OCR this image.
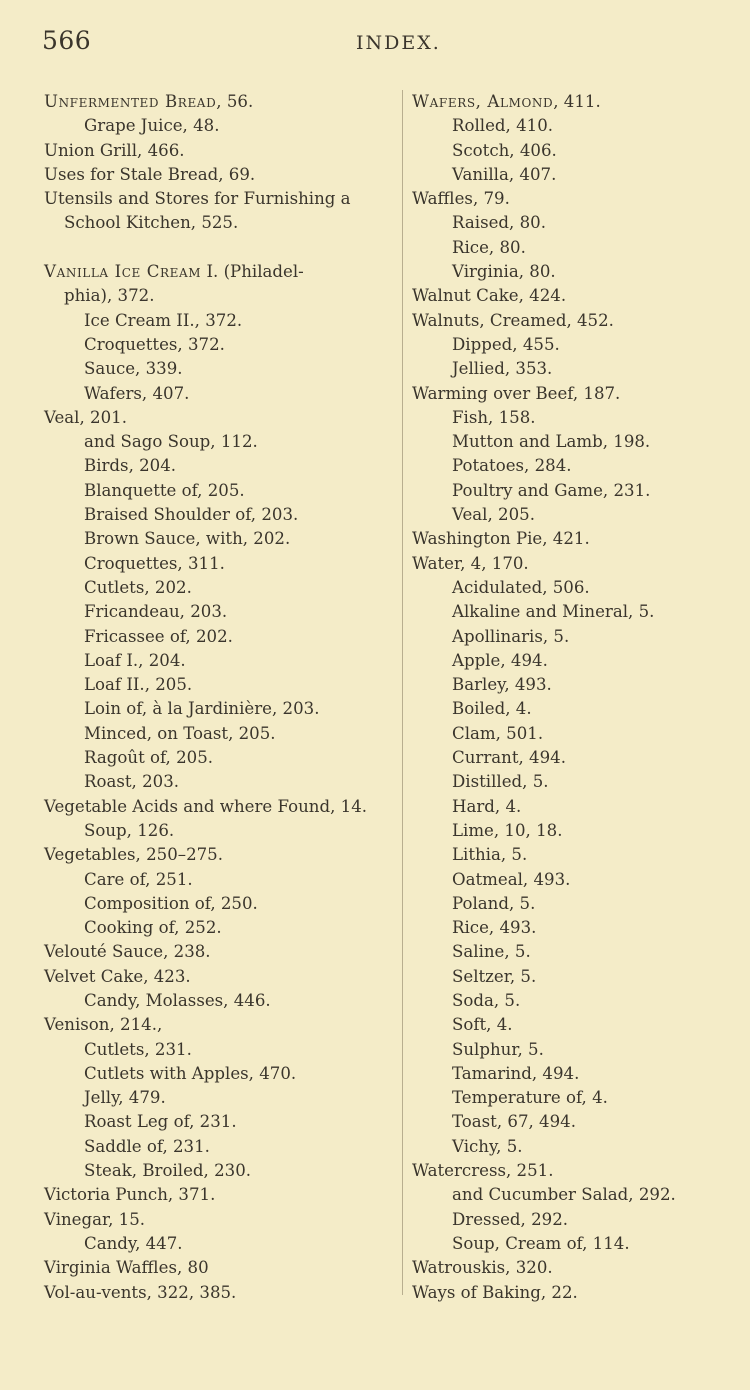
566	INDEX.
Unfermented Bread, 56.
Grape Juice, 48.
Union Grill, 466.
Uses for Stale Bread, 69.
Utensils and Stores for Furnishing a
School Kitchen, 525.
Vanilla Ice Cream I. (Philadel-
phia), 372.
Ice Cream II., 372.
Croquettes, 372.
Sauce, 339.
Wafers, 407.
Veal, 201.
and Sago Soup, 112.
Birds, 204.
Blanquette of, 205.
Braised Shoulder of, 203.
Brown Sauce, with, 202.
Croquettes, 311.
Cutlets, 202.
Fricandeau, 203.
Fricassee of, 202.
Loaf I., 204.
Loaf II., 205.
Loin of, à la Jardinière, 203.
Minced, on Toast, 205.
Ragoût of, 205.
Roast, 203.
Vegetable Acids and where Found, 14.
Soup, 126.
Vegetables, 250–275.
Care of, 251.
Composition of, 250.
Cooking of, 252.
Velouté Sauce, 238.
Velvet Cake, 423.
Candy, Molasses, 446.
Venison, 214.,
Cutlets, 231.
Cutlets with Apples, 470.
Jelly, 479.
Roast Leg of, 231.
Saddle of, 231.
Steak, Broiled, 230.
Victoria Punch, 371.
Vinegar, 15.
Candy, 447.
Virginia Waffles, 80
Vol-au-vents, 322, 385.
Wafers, Almond, 411.
Rolled, 410.
Scotch, 406.
Vanilla, 407.
Waffles, 79.
Raised, 80.
Rice, 80.
Virginia, 80.
Walnut Cake, 424.
Walnuts, Creamed, 452.
Dipped, 455.
Jellied, 353.
Warming over Beef, 187.
Fish, 158.
Mutton and Lamb, 198.
Potatoes, 284.
Poultry and Game, 231.
Veal, 205.
Washington Pie, 421.
Water, 4, 170.
Acidulated, 506.
Alkaline and Mineral, 5.
Apollinaris, 5.
Apple, 494.
Barley, 493.
Boiled, 4.
Clam, 501.
Currant, 494.
Distilled, 5.
Hard, 4.
Lime, 10, 18.
Lithia, 5.
Oatmeal, 493.
Poland, 5.
Rice, 493.
Saline, 5.
Seltzer, 5.
Soda, 5.
Soft, 4.
Sulphur, 5.
Tamarind, 494.
Temperature of, 4.
Toast, 67, 494.
Vichy, 5.
Watercress, 251.
and Cucumber Salad, 292.
Dressed, 292.
Soup, Cream of, 114.
Watrouskis, 320.
Ways of Baking, 22.
